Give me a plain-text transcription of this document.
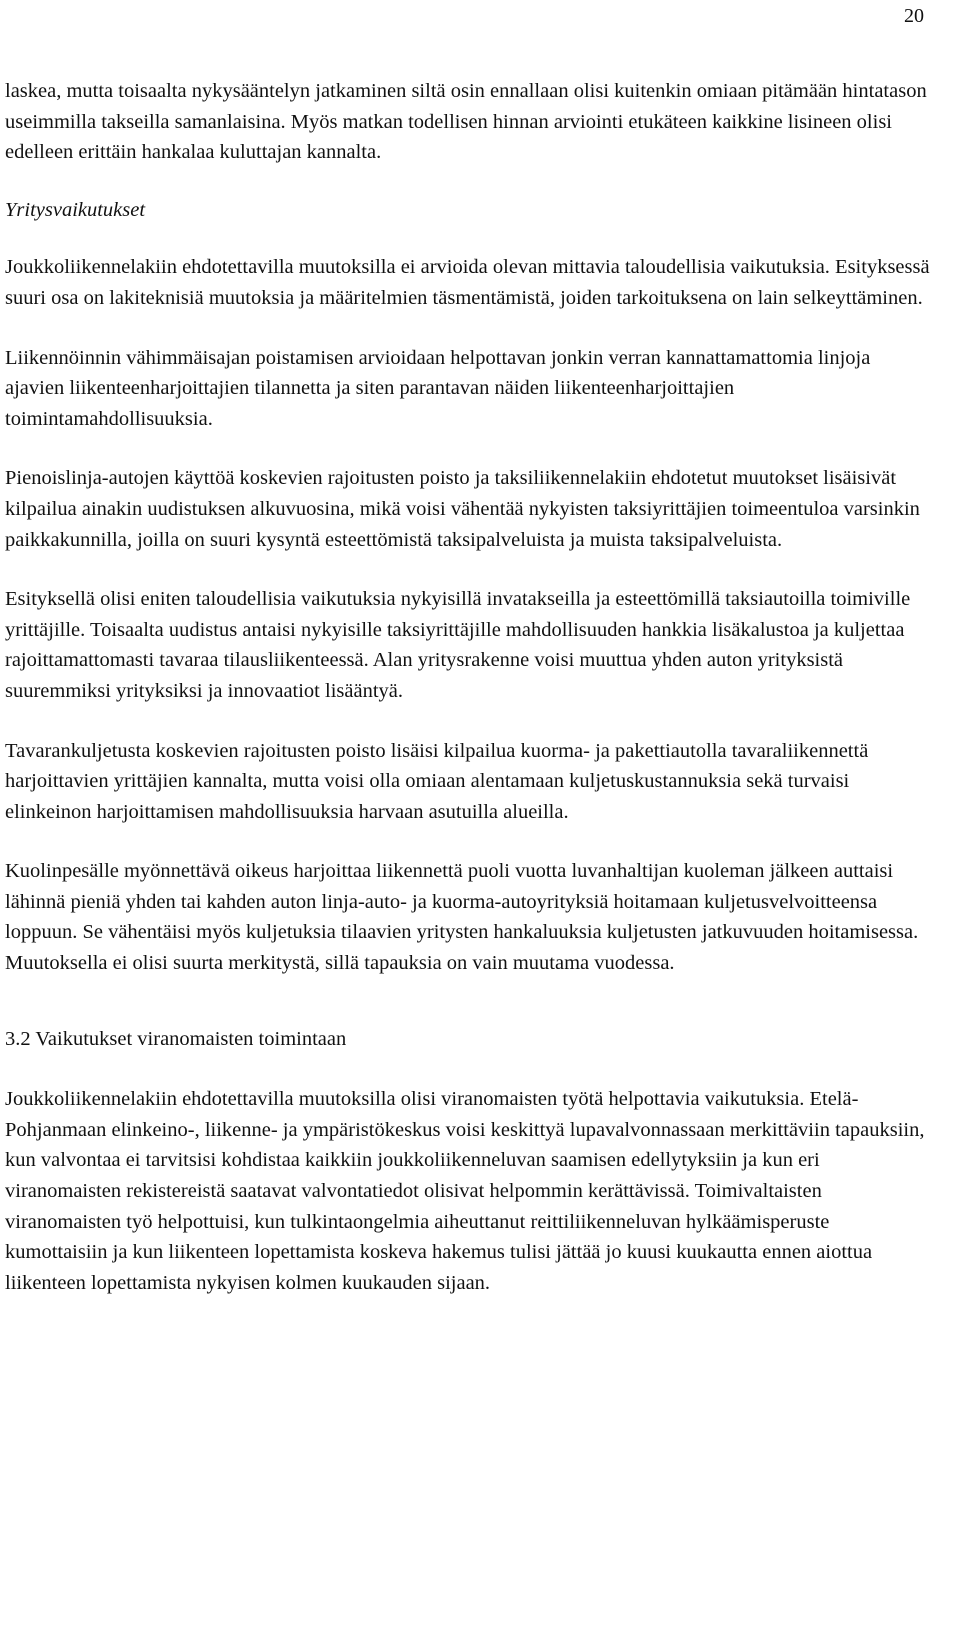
20

laskea, mutta toisaalta nykysääntelyn jatkaminen siltä osin ennallaan olisi kuitenkin omiaan pitämään hintatason useimmilla takseilla samanlaisina. Myös matkan todellisen hinnan arviointi etukäteen kaikkine lisineen olisi edelleen erittäin hankalaa kuluttajan kannalta.

Yritysvaikutukset

Joukkoliikennelakiin ehdotettavilla muutoksilla ei arvioida olevan mittavia taloudellisia vaikutuksia. Esityksessä suuri osa on lakiteknisiä muutoksia ja määritelmien täsmentämistä, joiden tarkoituksena on lain selkeyttäminen.

Liikennöinnin vähimmäisajan poistamisen arvioidaan helpottavan jonkin verran kannattamattomia linjoja ajavien liikenteenharjoittajien tilannetta ja siten parantavan näiden liikenteenharjoittajien toimintamahdollisuuksia.

Pienoislinja-autojen käyttöä koskevien rajoitusten poisto ja taksiliikennelakiin ehdotetut muutokset lisäisivät kilpailua ainakin uudistuksen alkuvuosina, mikä voisi vähentää nykyisten taksiyrittäjien toimeentuloa varsinkin paikkakunnilla, joilla on suuri kysyntä esteettömistä taksipalveluista ja muista taksipalveluista.

Esityksellä olisi eniten taloudellisia vaikutuksia nykyisillä invatakseilla ja esteettömillä taksiautoilla toimiville yrittäjille. Toisaalta uudistus antaisi nykyisille taksiyrittäjille mahdollisuuden hankkia lisäkalustoa ja kuljettaa rajoittamattomasti tavaraa tilausliikenteessä. Alan yritysrakenne voisi muuttua yhden auton yrityksistä suuremmiksi yrityksiksi ja innovaatiot lisääntyä.

Tavarankuljetusta koskevien rajoitusten poisto lisäisi kilpailua kuorma- ja pakettiautolla tavaraliikennettä harjoittavien yrittäjien kannalta, mutta voisi olla omiaan alentamaan kuljetuskustannuksia sekä turvaisi elinkeinon harjoittamisen mahdollisuuksia harvaan asutuilla alueilla.

Kuolinpesälle myönnettävä oikeus harjoittaa liikennettä puoli vuotta luvanhaltijan kuoleman jälkeen auttaisi lähinnä pieniä yhden tai kahden auton linja-auto- ja kuorma-autoyrityksiä hoitamaan kuljetusvelvoitteensa loppuun. Se vähentäisi myös kuljetuksia tilaavien yritysten hankaluuksia kuljetusten jatkuvuuden hoitamisessa. Muutoksella ei olisi suurta merkitystä, sillä tapauksia on vain muutama vuodessa.

3.2 Vaikutukset viranomaisten toimintaan

Joukkoliikennelakiin ehdotettavilla muutoksilla olisi viranomaisten työtä helpottavia vaikutuksia. Etelä-Pohjanmaan elinkeino-, liikenne- ja ympäristökeskus voisi keskittyä lupavalvonnassaan merkittäviin tapauksiin, kun valvontaa ei tarvitsisi kohdistaa kaikkiin joukkoliikenneluvan saamisen edellytyksiin ja kun eri viranomaisten rekistereistä saatavat valvontatiedot olisivat helpommin kerättävissä. Toimivaltaisten viranomaisten työ helpottuisi, kun tulkintaongelmia aiheuttanut reittiliikenneluvan hylkäämisperuste kumottaisiin ja kun liikenteen lopettamista koskeva hakemus tulisi jättää jo kuusi kuukautta ennen aiottua liikenteen lopettamista nykyisen kolmen kuukauden sijaan.
